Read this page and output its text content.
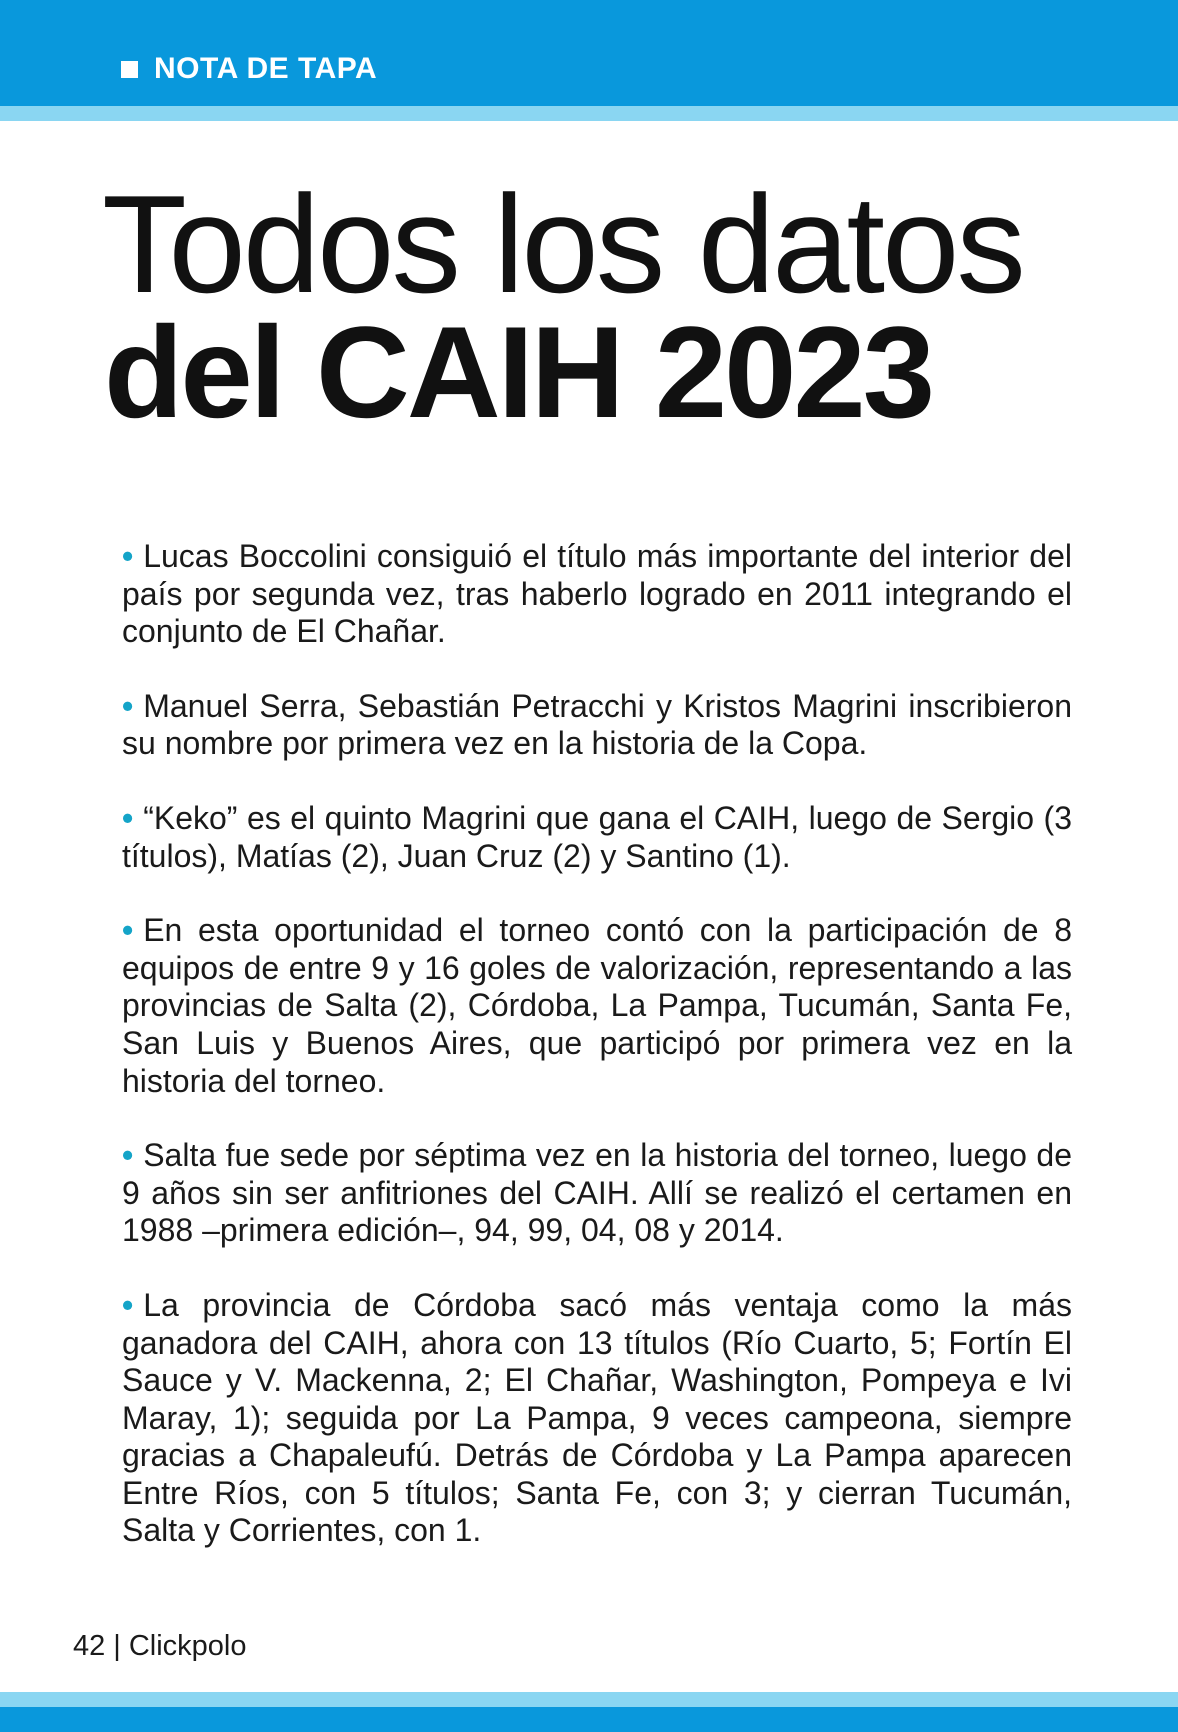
NOTA DE TAPA
Todos los datos
del CAIH 2023
• Lucas Boccolini consiguió el título más importante del interior del país por segunda vez, tras haberlo logrado en 2011 integrando el conjunto de El Chañar.
• Manuel Serra, Sebastián Petracchi y Kristos Magrini inscribieron su nombre por primera vez en la historia de la Copa.
• “Keko” es el quinto Magrini que gana el CAIH, luego de Sergio (3 títulos), Matías (2), Juan Cruz (2) y Santino (1).
• En esta oportunidad el torneo contó con la participación de 8 equipos de entre 9 y 16 goles de valorización, representando a las provincias de Salta (2), Córdoba, La Pampa, Tucumán, Santa Fe, San Luis y Buenos Aires, que participó por primera vez en la historia del torneo.
• Salta fue sede por séptima vez en la historia del torneo, luego de 9 años sin ser anfitriones del CAIH. Allí se realizó el certamen en 1988 –primera edición–, 94, 99, 04, 08 y 2014.
• La provincia de Córdoba sacó más ventaja como la más ganadora del CAIH, ahora con 13 títulos (Río Cuarto, 5; Fortín El Sauce y V. Mackenna, 2; El Chañar, Washington, Pompeya e Ivi Maray, 1); seguida por La Pampa, 9 veces campeona, siempre gracias a Chapaleufú. Detrás de Córdoba y La Pampa aparecen Entre Ríos, con 5 títulos; Santa Fe, con 3; y cierran Tucumán, Salta y Corrientes, con 1.
42 | Clickpolo
